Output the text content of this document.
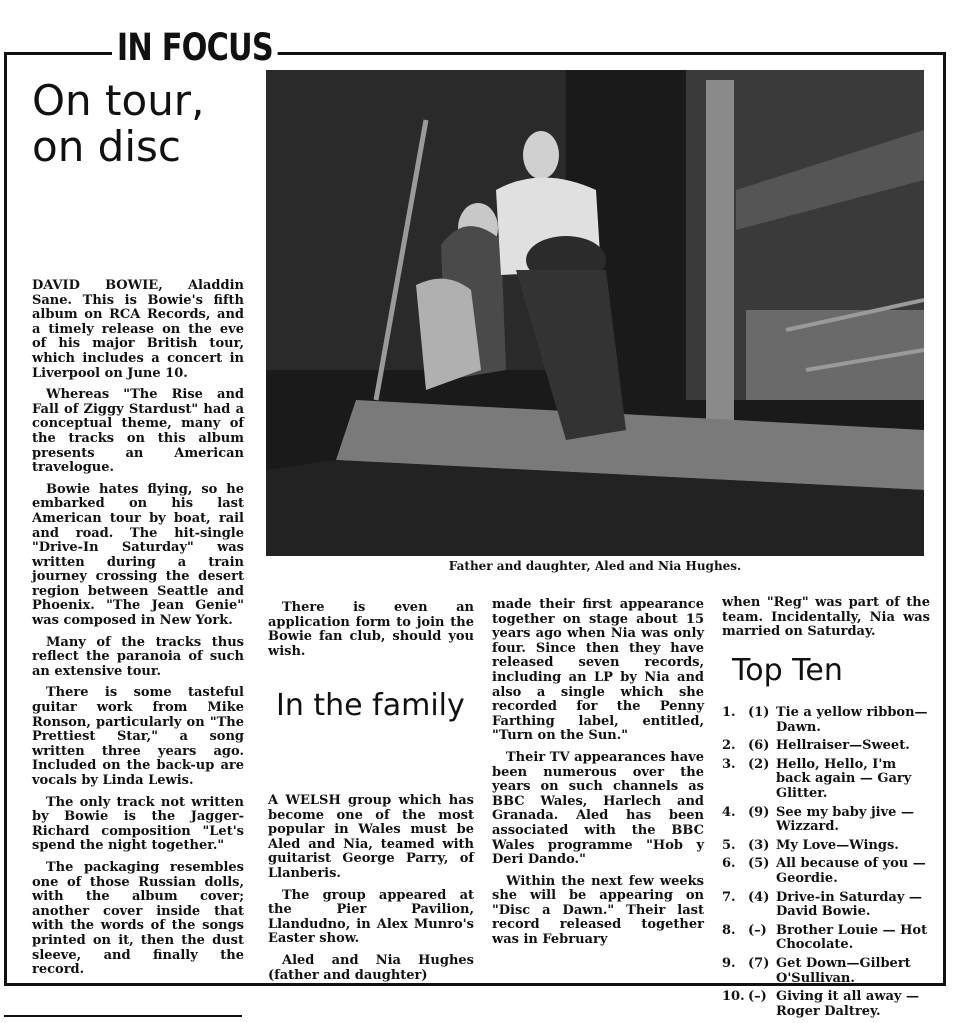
IN FOCUS
On tour, on disc

DAVID BOWIE, Aladdin Sane. This is Bowie's fifth album on RCA Records, and a timely release on the eve of his major British tour, which includes a concert in Liverpool on June 10.

Whereas "The Rise and Fall of Ziggy Stardust" had a conceptual theme, many of the tracks on this album presents an American travelogue.

Bowie hates flying, so he embarked on his last American tour by boat, rail and road. The hit-single "Drive-In Saturday" was written during a train journey crossing the desert region between Seattle and Phoenix. "The Jean Genie" was composed in New York.

Many of the tracks thus reflect the paranoia of such an extensive tour.

There is some tasteful guitar work from Mike Ronson, particularly on "The Prettiest Star," a song written three years ago. Included on the back-up are vocals by Linda Lewis.

The only track not written by Bowie is the Jagger-Richard composition "Let's spend the night together."

The packaging resembles one of those Russian dolls, with the album cover; another cover inside that with the words of the songs printed on it, then the dust sleeve, and finally the record.

There is even an application form to join the Bowie fan club, should you wish.

Father and daughter, Aled and Nia Hughes.
In the family

A WELSH group which has become one of the most popular in Wales must be Aled and Nia, teamed with guitarist George Parry, of Llanberis.

The group appeared at the Pier Pavilion, Llandudno, in Alex Munro's Easter show.

Aled and Nia Hughes (father and daughter)

made their first appearance together on stage about 15 years ago when Nia was only four. Since then they have released seven records, including an LP by Nia and also a single which she recorded for the Penny Farthing label, entitled, "Turn on the Sun."

Their TV appearances have been numerous over the years on such channels as BBC Wales, Harlech and Granada. Aled has been associated with the BBC Wales programme "Hob y Deri Dando."

Within the next few weeks she will be appearing on "Disc a Dawn." Their last record released together was in February

when "Reg" was part of the team. Incidentally, Nia was married on Saturday.

Top Ten
1. (1) Tie a yellow ribbon—Dawn.
2. (6) Hellraiser—Sweet.
3. (2) Hello, Hello, I'm back again — Gary Glitter.
4. (9) See my baby jive —Wizzard.
5. (3) My Love—Wings.
6. (5) All because of you —Geordie.
7. (4) Drive-in Saturday —David Bowie.
8. (–) Brother Louie — Hot Chocolate.
9. (7) Get Down—Gilbert O'Sullivan.
10. (–) Giving it all away —Roger Daltrey.
